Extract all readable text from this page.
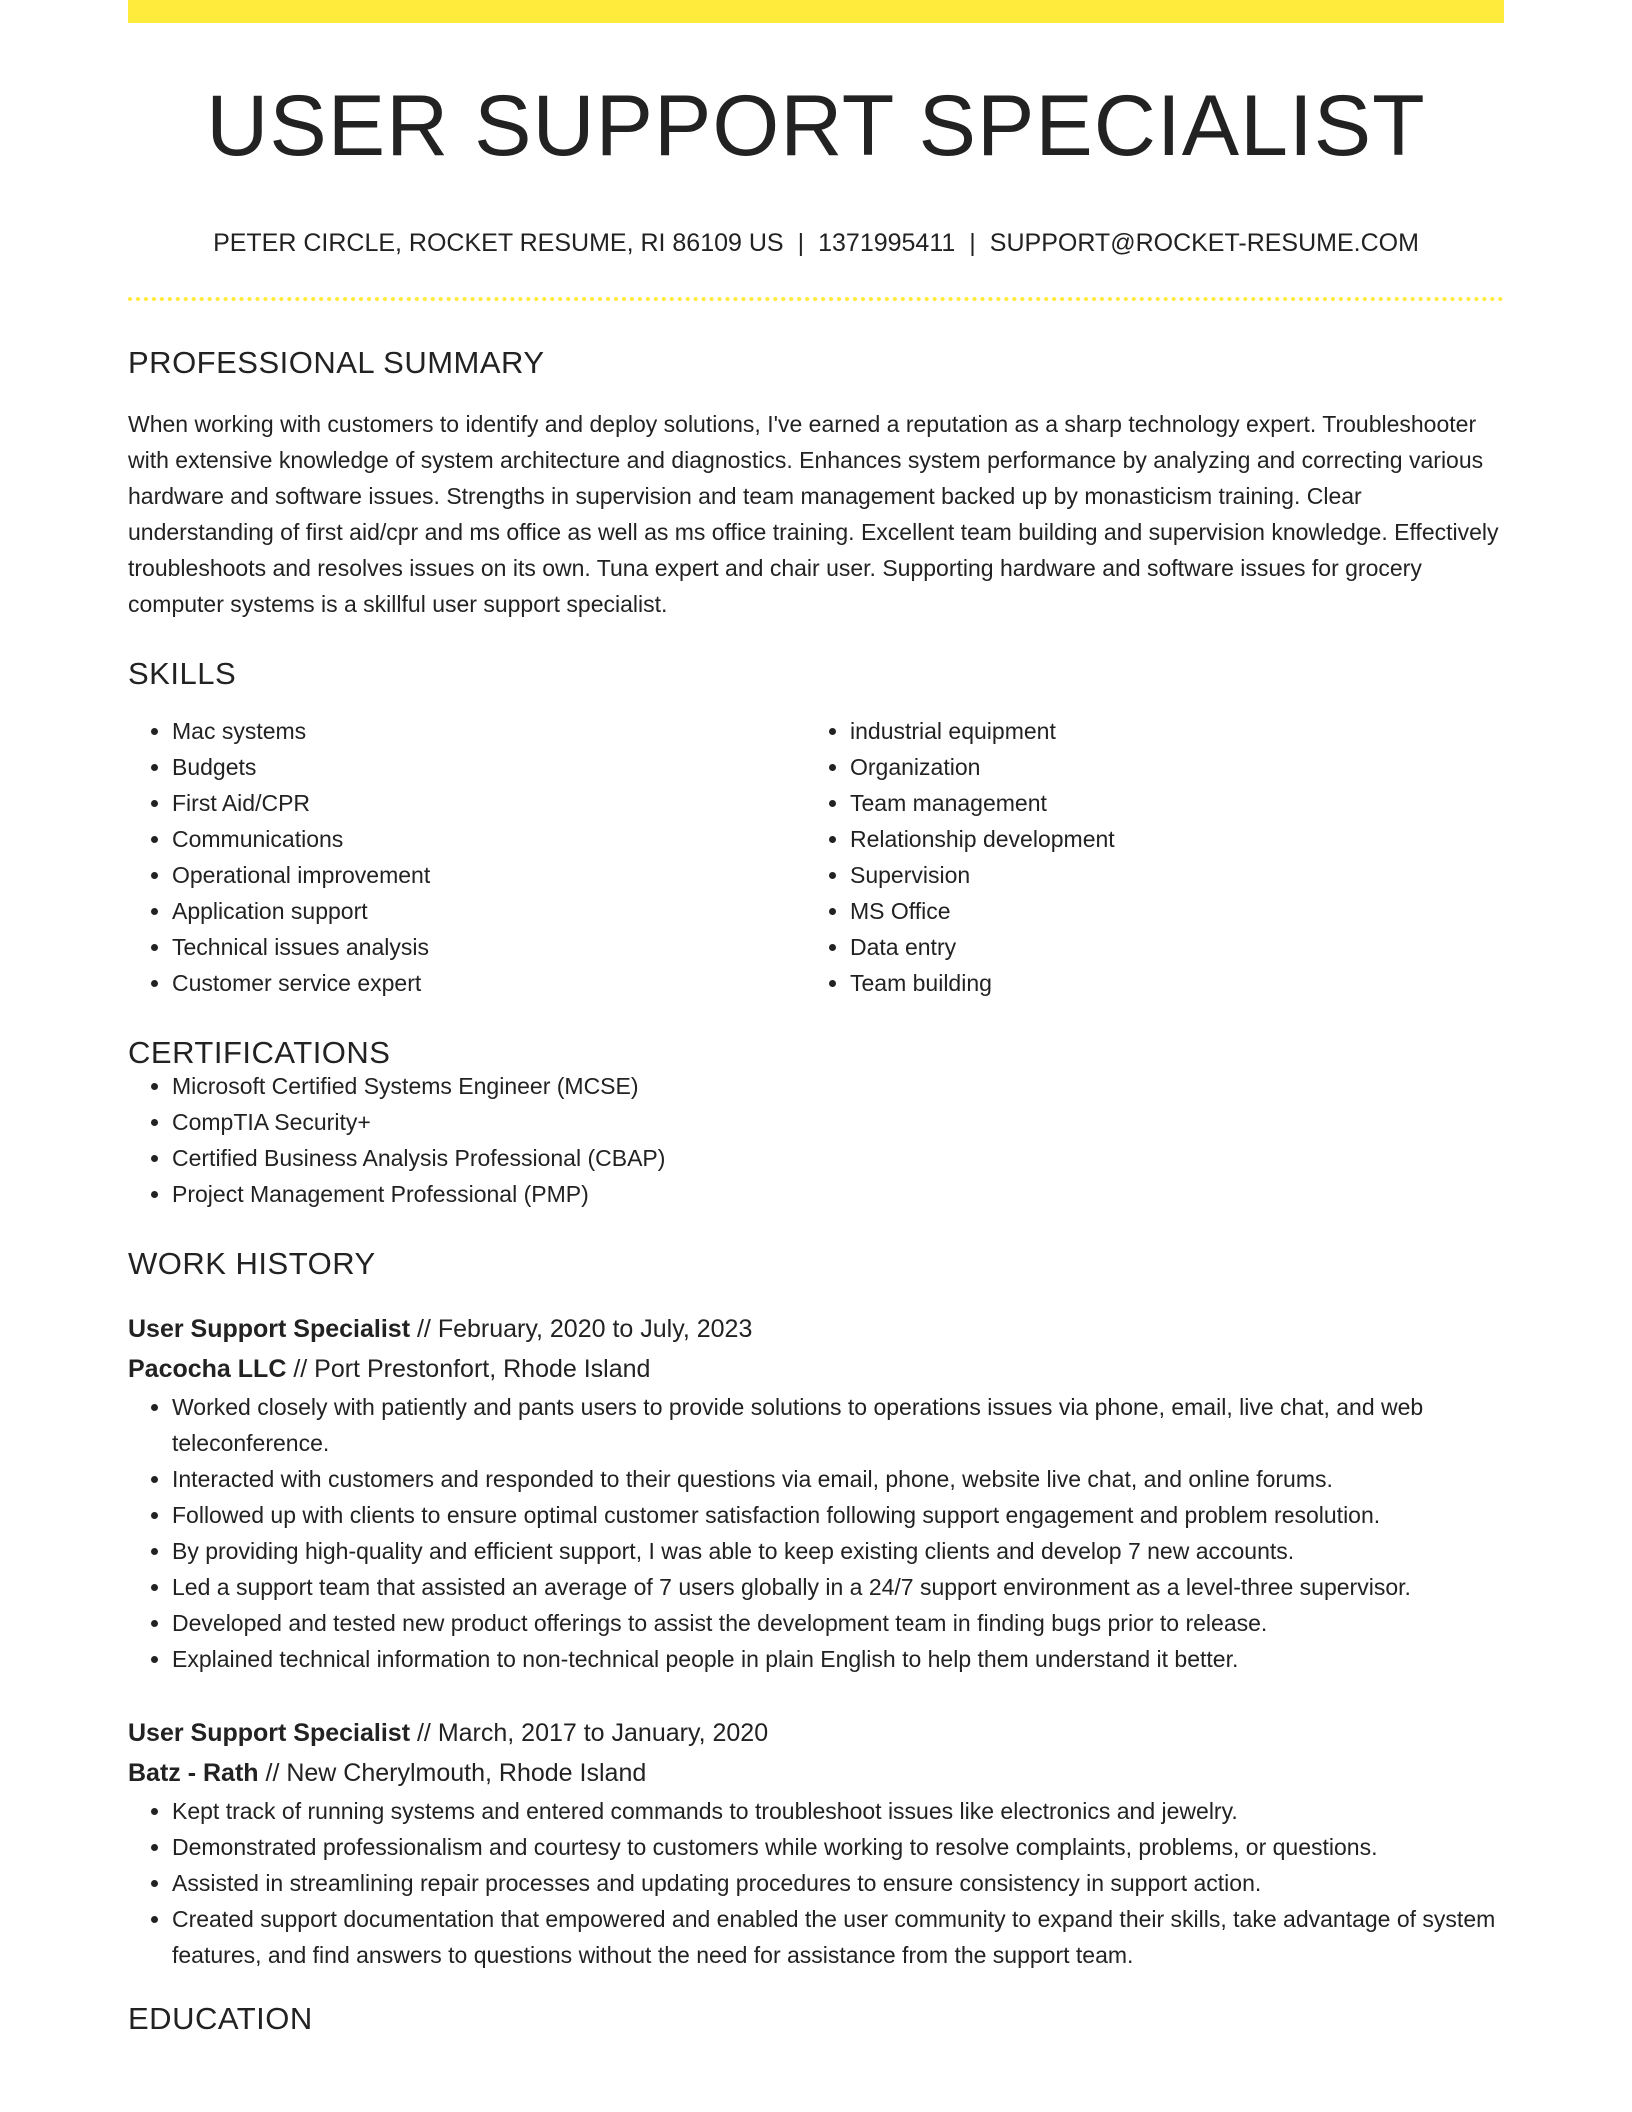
USER SUPPORT SPECIALIST
PETER CIRCLE, ROCKET RESUME, RI 86109 US | 1371995411 | SUPPORT@ROCKET-RESUME.COM
PROFESSIONAL SUMMARY

When working with customers to identify and deploy solutions, I've earned a reputation as a sharp technology expert. Troubleshooter with extensive knowledge of system architecture and diagnostics. Enhances system performance by analyzing and correcting various hardware and software issues. Strengths in supervision and team management backed up by monasticism training. Clear understanding of first aid/cpr and ms office as well as ms office training. Excellent team building and supervision knowledge. Effectively troubleshoots and resolves issues on its own. Tuna expert and chair user. Supporting hardware and software issues for grocery computer systems is a skillful user support specialist.

SKILLS
• Mac systems
• Budgets
• First Aid/CPR
• Communications
• Operational improvement
• Application support
• Technical issues analysis
• Customer service expert
• industrial equipment
• Organization
• Team management
• Relationship development
• Supervision
• MS Office
• Data entry
• Team building
CERTIFICATIONS
• Microsoft Certified Systems Engineer (MCSE)
• CompTIA Security+
• Certified Business Analysis Professional (CBAP)
• Project Management Professional (PMP)
WORK HISTORY
User Support Specialist // February, 2020 to July, 2023
Pacocha LLC // Port Prestonfort, Rhode Island
• Worked closely with patiently and pants users to provide solutions to operations issues via phone, email, live chat, and web teleconference.
• Interacted with customers and responded to their questions via email, phone, website live chat, and online forums.
• Followed up with clients to ensure optimal customer satisfaction following support engagement and problem resolution.
• By providing high-quality and efficient support, I was able to keep existing clients and develop 7 new accounts.
• Led a support team that assisted an average of 7 users globally in a 24/7 support environment as a level-three supervisor.
• Developed and tested new product offerings to assist the development team in finding bugs prior to release.
• Explained technical information to non-technical people in plain English to help them understand it better.
User Support Specialist // March, 2017 to January, 2020
Batz - Rath // New Cherylmouth, Rhode Island
• Kept track of running systems and entered commands to troubleshoot issues like electronics and jewelry.
• Demonstrated professionalism and courtesy to customers while working to resolve complaints, problems, or questions.
• Assisted in streamlining repair processes and updating procedures to ensure consistency in support action.
• Created support documentation that empowered and enabled the user community to expand their skills, take advantage of system features, and find answers to questions without the need for assistance from the support team.
EDUCATION
